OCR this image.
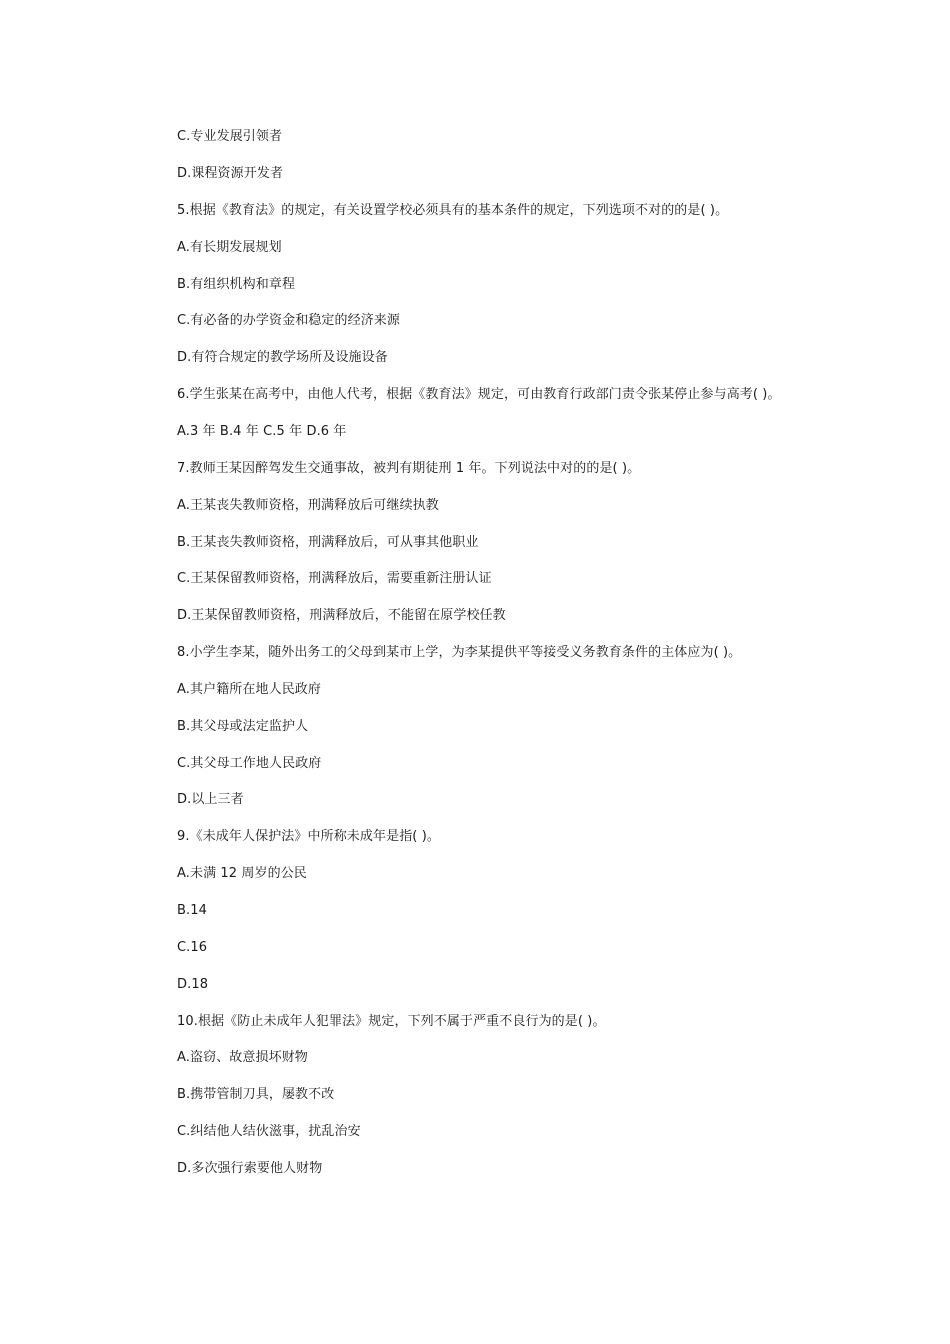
C.专业发展引领者
D.课程资源开发者
5.根据《教育法》的规定，有关设置学校必须具有的基本条件的规定，下列选项不对的的是( )。
A.有长期发展规划
B.有组织机构和章程
C.有必备的办学资金和稳定的经济来源
D.有符合规定的教学场所及设施设备
6.学生张某在高考中，由他人代考，根据《教育法》规定，可由教育行政部门责令张某停止参与高考( )。
A.3 年 B.4 年 C.5 年 D.6 年
7.教师王某因醉驾发生交通事故，被判有期徒刑 1 年。下列说法中对的的是( )。
A.王某丧失教师资格，刑满释放后可继续执教
B.王某丧失教师资格，刑满释放后，可从事其他职业
C.王某保留教师资格，刑满释放后，需要重新注册认证
D.王某保留教师资格，刑满释放后，不能留在原学校任教
8.小学生李某，随外出务工的父母到某市上学，为李某提供平等接受义务教育条件的主体应为( )。
A.其户籍所在地人民政府
B.其父母或法定监护人
C.其父母工作地人民政府
D.以上三者
9.《未成年人保护法》中所称未成年是指( )。
A.未满 12 周岁的公民
B.14
C.16
D.18
10.根据《防止未成年人犯罪法》规定，下列不属于严重不良行为的是( )。
A.盗窃、故意损坏财物
B.携带管制刀具，屡教不改
C.纠结他人结伙滋事，扰乱治安
D.多次强行索要他人财物
